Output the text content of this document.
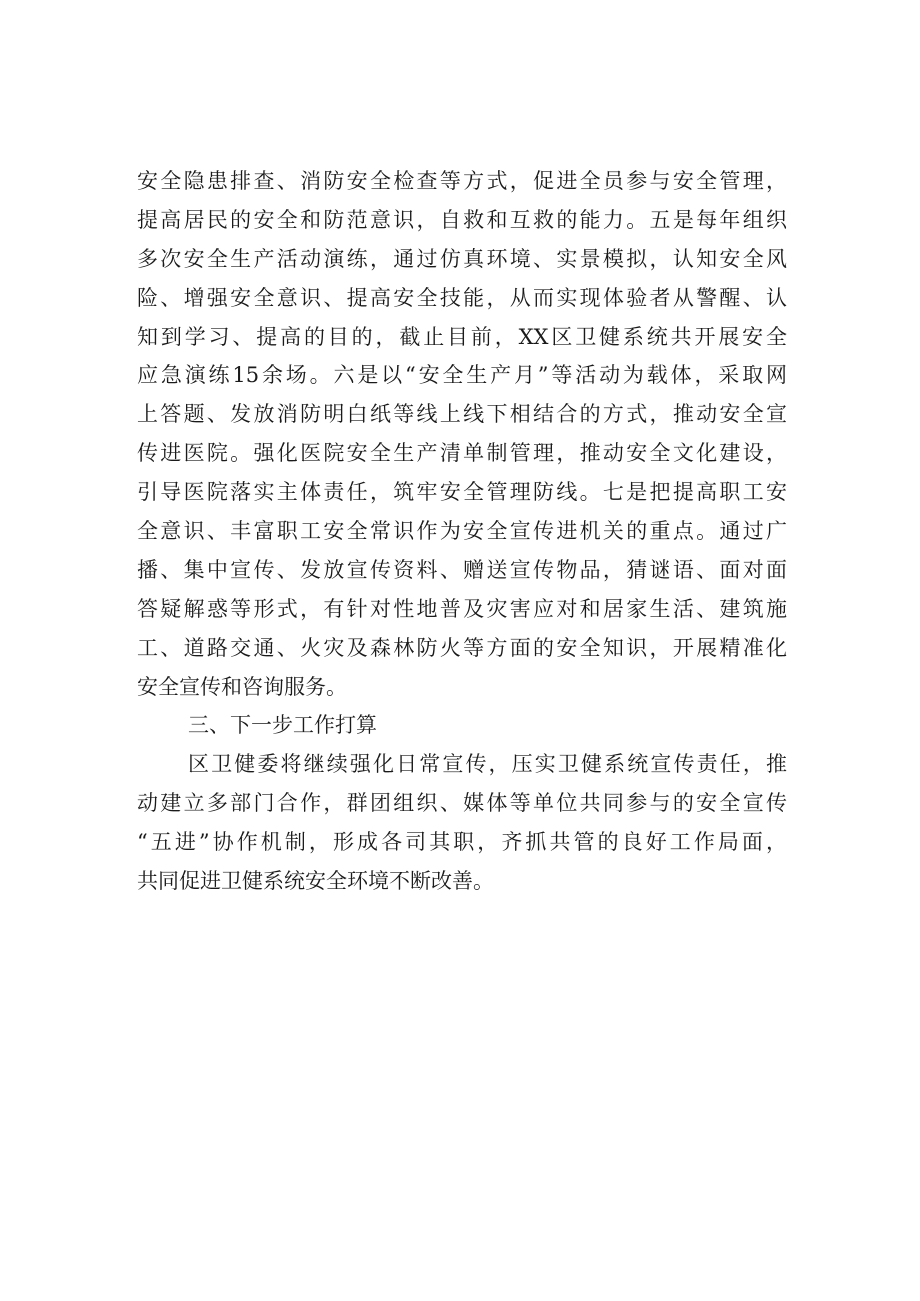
安全隐患排查、消防安全检查等方式，促进全员参与安全管理，
提高居民的安全和防范意识，自救和互救的能力。五是每年组织
多次安全生产活动演练，通过仿真环境、实景模拟，认知安全风
险、增强安全意识、提高安全技能，从而实现体验者从警醒、认
知到学习、提高的目的，截止目前，XX区卫健系统共开展安全
应急演练15余场。六是以“安全生产月”等活动为载体，采取网
上答题、发放消防明白纸等线上线下相结合的方式，推动安全宣
传进医院。强化医院安全生产清单制管理，推动安全文化建设，
引导医院落实主体责任，筑牢安全管理防线。七是把提高职工安
全意识、丰富职工安全常识作为安全宣传进机关的重点。通过广
播、集中宣传、发放宣传资料、赠送宣传物品，猜谜语、面对面
答疑解惑等形式，有针对性地普及灾害应对和居家生活、建筑施
工、道路交通、火灾及森林防火等方面的安全知识，开展精准化
安全宣传和咨询服务。
三、下一步工作打算
区卫健委将继续强化日常宣传，压实卫健系统宣传责任，推
动建立多部门合作，群团组织、媒体等单位共同参与的安全宣传
“五进”协作机制，形成各司其职，齐抓共管的良好工作局面，
共同促进卫健系统安全环境不断改善。
